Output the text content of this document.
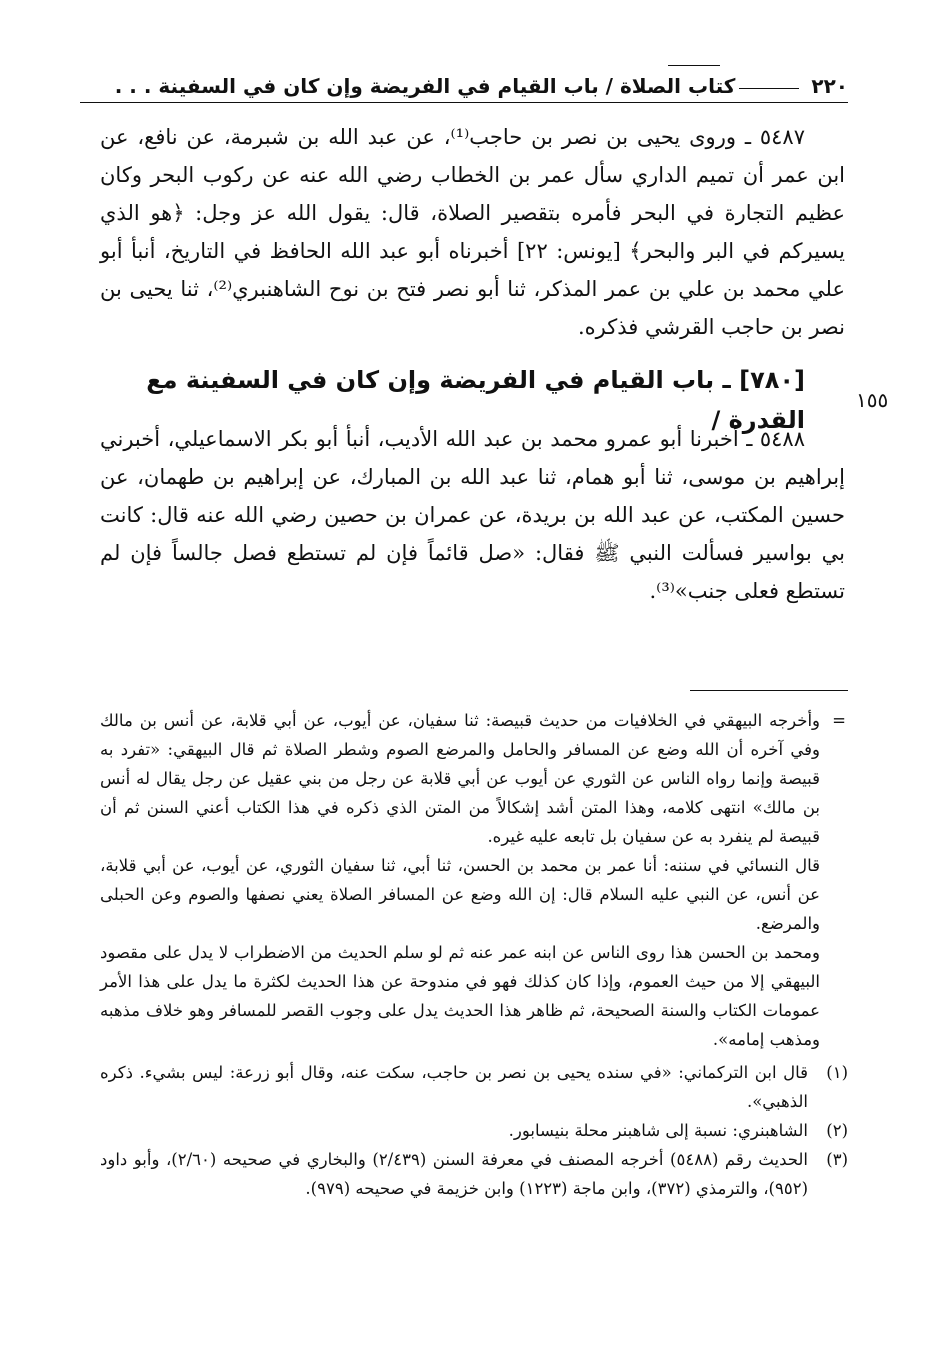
٢٢٠
كتاب الصلاة / باب القيام في الفريضة وإن كان في السفينة . . .

٥٤٨٧ ـ وروى يحيى بن نصر بن حاجب⁽¹⁾، عن عبد الله بن شبرمة، عن نافع، عن ابن عمر أن تميم الداري سأل عمر بن الخطاب رضي الله عنه عن ركوب البحر وكان عظيم التجارة في البحر فأمره بتقصير الصلاة، قال: يقول الله عز وجل: ﴿هو الذي يسيركم في البر والبحر﴾ [يونس: ٢٢] أخبرناه أبو عبد الله الحافظ في التاريخ، أنبأ أبو علي محمد بن علي بن عمر المذكر، ثنا أبو نصر فتح بن نوح الشاهنبري⁽²⁾، ثنا يحيى بن نصر بن حاجب القرشي فذكره.

[٧٨٠] ـ باب القيام في الفريضة وإن كان في السفينة مع القدرة /
١٥٥

٥٤٨٨ ـ أخبرنا أبو عمرو محمد بن عبد الله الأديب، أنبأ أبو بكر الاسماعيلي، أخبرني إبراهيم بن موسى، ثنا أبو همام، ثنا عبد الله بن المبارك، عن إبراهيم بن طهمان، عن حسين المكتب، عن عبد الله بن بريدة، عن عمران بن حصين رضي الله عنه قال: كانت بي بواسير فسألت النبي ﷺ فقال: «صل قائماً فإن لم تستطع فصل جالساً فإن لم تستطع فعلى جنب»⁽³⁾.

= وأخرجه البيهقي في الخلافيات من حديث قبيصة: ثنا سفيان، عن أيوب، عن أبي قلابة، عن أنس بن مالك وفي آخره أن الله وضع عن المسافر والحامل والمرضع الصوم وشطر الصلاة ثم قال البيهقي: «تفرد به قبيصة وإنما رواه الناس عن الثوري عن أيوب عن أبي قلابة عن رجل من بني عقيل عن رجل يقال له أنس بن مالك» انتهى كلامه، وهذا المتن أشد إشكالاً من المتن الذي ذكره في هذا الكتاب أعني السنن ثم أن قبيصة لم ينفرد به عن سفيان بل تابعه عليه غيره.

قال النسائي في سننه: أنا عمر بن محمد بن الحسن، ثنا أبي، ثنا سفيان الثوري، عن أيوب، عن أبي قلابة، عن أنس، عن النبي عليه السلام قال: إن الله وضع عن المسافر الصلاة يعني نصفها والصوم وعن الحبلى والمرضع.

ومحمد بن الحسن هذا روى الناس عن ابنه عمر عنه ثم لو سلم الحديث من الاضطراب لا يدل على مقصود البيهقي إلا من حيث العموم، وإذا كان كذلك فهو في مندوحة عن هذا الحديث لكثرة ما يدل على هذا الأمر عمومات الكتاب والسنة الصحيحة، ثم ظاهر هذا الحديث يدل على وجوب القصر للمسافر وهو خلاف مذهبه ومذهب إمامه».

(١)
قال ابن التركماني: «في سنده يحيى بن نصر بن حاجب، سكت عنه، وقال أبو زرعة: ليس بشيء. ذكره الذهبي».
(٢)
الشاهبنري: نسبة إلى شاهبنر محلة بنيسابور.
(٣)
الحديث رقم (٥٤٨٨) أخرجه المصنف في معرفة السنن (٢/٤٣٩) والبخاري في صحيحه (٢/٦٠)، وأبو داود (٩٥٢)، والترمذي (٣٧٢)، وابن ماجة (١٢٢٣) وابن خزيمة في صحيحه (٩٧٩).
